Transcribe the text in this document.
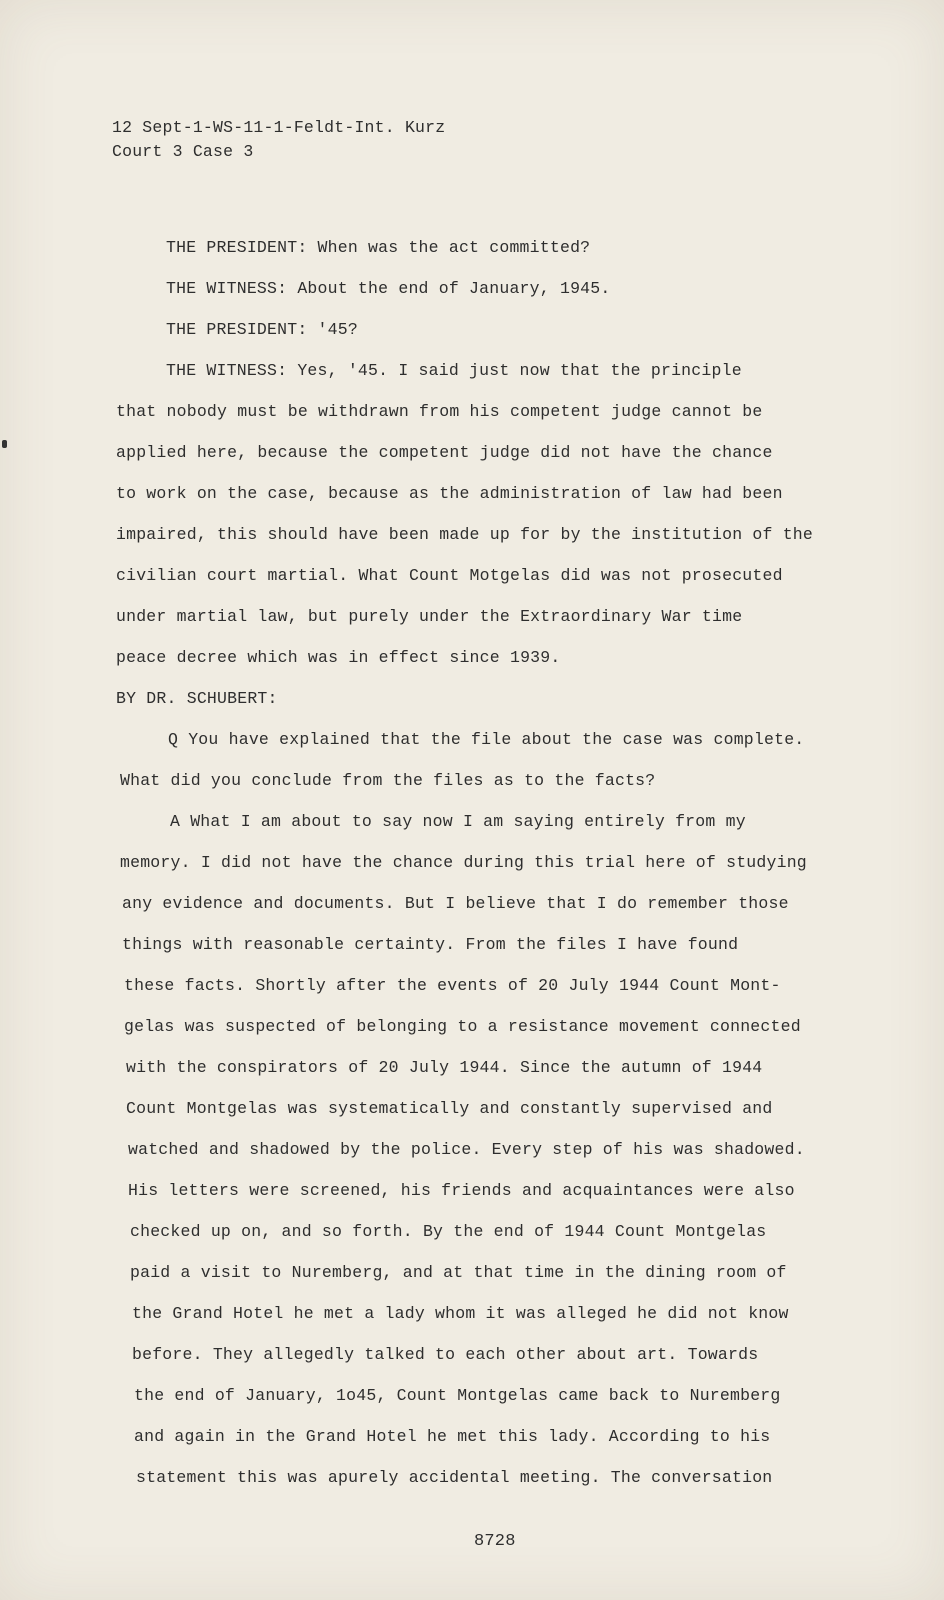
12 Sept-1-WS-11-1-Feldt-Int. Kurz
Court 3 Case 3
THE PRESIDENT: When was the act committed?
THE WITNESS: About the end of January, 1945.
THE PRESIDENT: '45?
THE WITNESS: Yes, '45. I said just now that the principle
that nobody must be withdrawn from his competent judge cannot be
applied here, because the competent judge did not have the chance
to work on the case, because as the administration of law had been
impaired, this should have been made up for by the institution of the
civilian court martial. What Count Motgelas did was not prosecuted
under martial law, but purely under the Extraordinary War time
peace decree which was in effect since 1939.
BY DR. SCHUBERT:
Q You have explained that the file about the case was complete.
What did you conclude from the files as to the facts?
A What I am about to say now I am saying entirely from my
memory. I did not have the chance during this trial here of studying
any evidence and documents. But I believe that I do remember those
things with reasonable certainty. From the files I have found
these facts. Shortly after the events of 20 July 1944 Count Mont-
gelas was suspected of belonging to a resistance movement connected
with the conspirators of 20 July 1944. Since the autumn of 1944
Count Montgelas was systematically and constantly supervised and
watched and shadowed by the police. Every step of his was shadowed.
His letters were screened, his friends and acquaintances were also
checked up on, and so forth. By the end of 1944 Count Montgelas
paid a visit to Nuremberg, and at that time in the dining room of
the Grand Hotel he met a lady whom it was alleged he did not know
before. They allegedly talked to each other about art. Towards
the end of January, 1o45, Count Montgelas came back to Nuremberg
and again in the Grand Hotel he met this lady. According to his
statement this was apurely accidental meeting. The conversation
8728
